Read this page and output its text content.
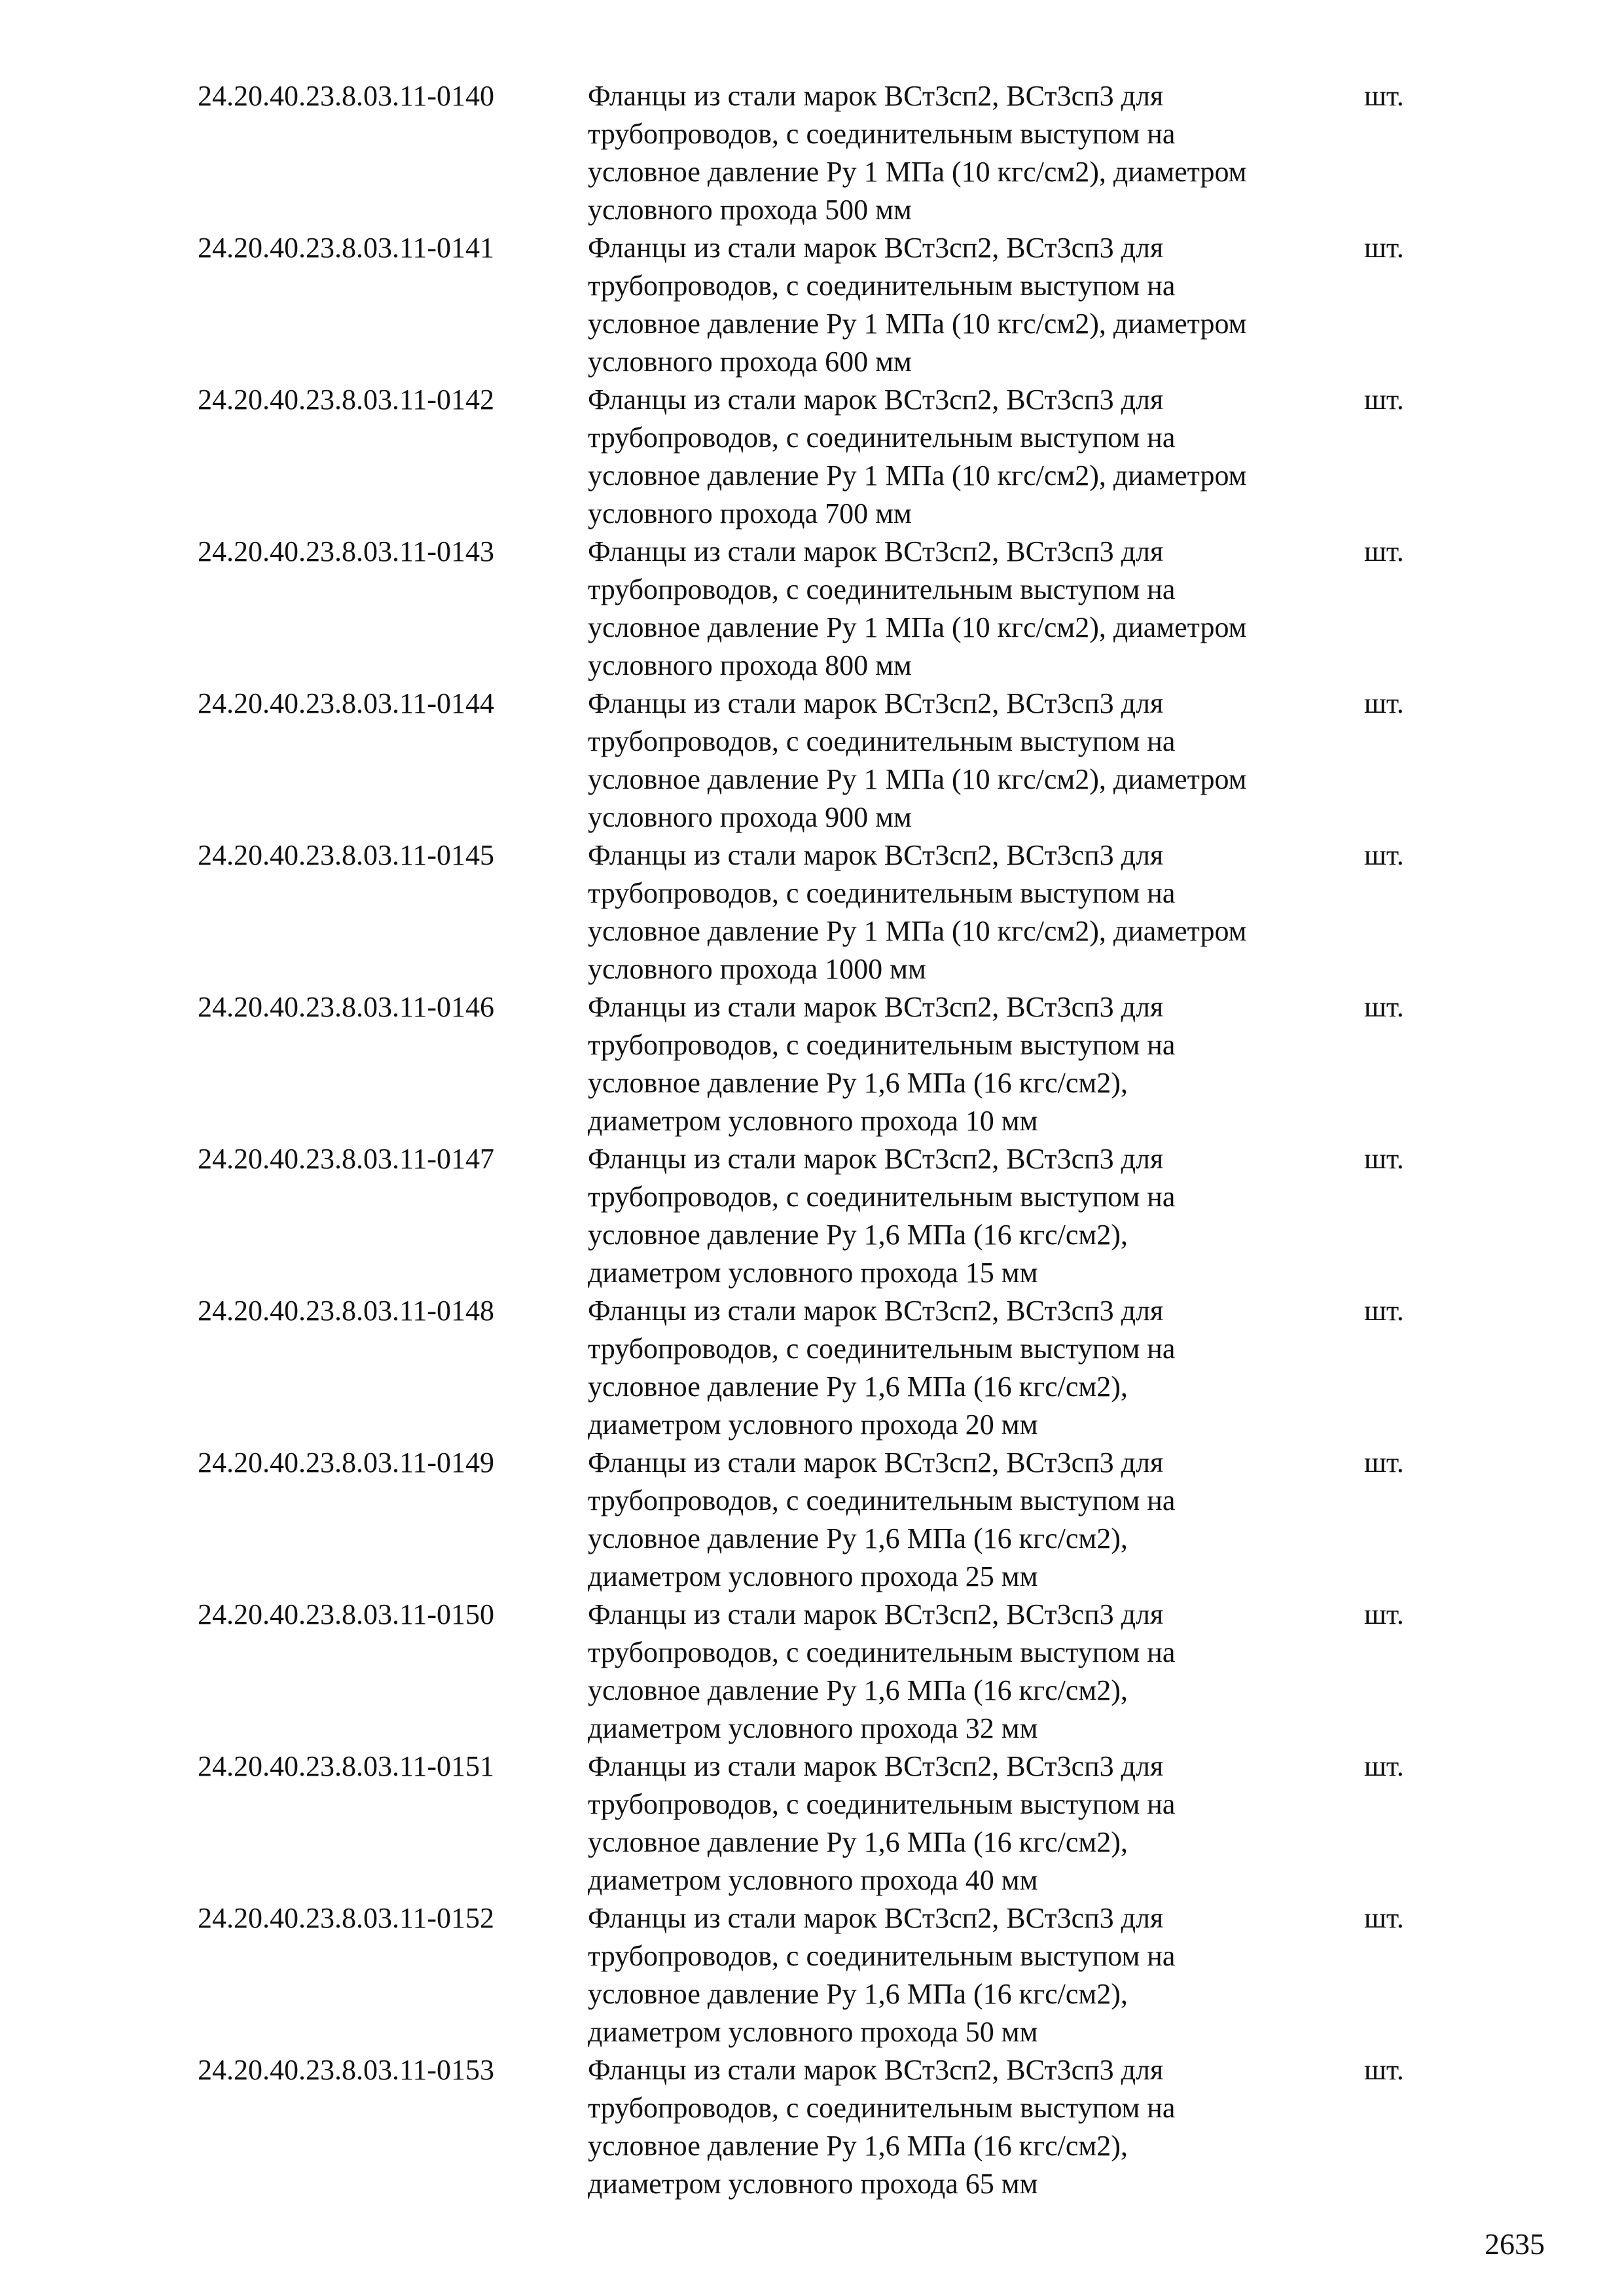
24.20.40.23.8.03.11-0140	Фланцы из стали марок ВСт3сп2, ВСт3сп3 для
трубопроводов, с соединительным выступом на
условное давление Ру 1 МПа (10 кгс/см2), диаметром
условного прохода 500 мм
шт.
24.20.40.23.8.03.11-0141	Фланцы из стали марок ВСт3сп2, ВСт3сп3 для
трубопроводов, с соединительным выступом на
условное давление Ру 1 МПа (10 кгс/см2), диаметром
условного прохода 600 мм
шт.
24.20.40.23.8.03.11-0142	Фланцы из стали марок ВСт3сп2, ВСт3сп3 для
трубопроводов, с соединительным выступом на
условное давление Ру 1 МПа (10 кгс/см2), диаметром
условного прохода 700 мм
шт.
24.20.40.23.8.03.11-0143	Фланцы из стали марок ВСт3сп2, ВСт3сп3 для
трубопроводов, с соединительным выступом на
условное давление Ру 1 МПа (10 кгс/см2), диаметром
условного прохода 800 мм
шт.
24.20.40.23.8.03.11-0144	Фланцы из стали марок ВСт3сп2, ВСт3сп3 для
трубопроводов, с соединительным выступом на
условное давление Ру 1 МПа (10 кгс/см2), диаметром
условного прохода 900 мм
шт.
24.20.40.23.8.03.11-0145	Фланцы из стали марок ВСт3сп2, ВСт3сп3 для
трубопроводов, с соединительным выступом на
условное давление Ру 1 МПа (10 кгс/см2), диаметром
условного прохода 1000 мм
шт.
24.20.40.23.8.03.11-0146	Фланцы из стали марок ВСт3сп2, ВСт3сп3 для
трубопроводов, с соединительным выступом на
условное давление Ру 1,6 МПа (16 кгс/см2),
диаметром условного прохода 10 мм
шт.
24.20.40.23.8.03.11-0147	Фланцы из стали марок ВСт3сп2, ВСт3сп3 для
трубопроводов, с соединительным выступом на
условное давление Ру 1,6 МПа (16 кгс/см2),
диаметром условного прохода 15 мм
шт.
24.20.40.23.8.03.11-0148	Фланцы из стали марок ВСт3сп2, ВСт3сп3 для
трубопроводов, с соединительным выступом на
условное давление Ру 1,6 МПа (16 кгс/см2),
диаметром условного прохода 20 мм
шт.
24.20.40.23.8.03.11-0149	Фланцы из стали марок ВСт3сп2, ВСт3сп3 для
трубопроводов, с соединительным выступом на
условное давление Ру 1,6 МПа (16 кгс/см2),
диаметром условного прохода 25 мм
шт.
24.20.40.23.8.03.11-0150	Фланцы из стали марок ВСт3сп2, ВСт3сп3 для
трубопроводов, с соединительным выступом на
условное давление Ру 1,6 МПа (16 кгс/см2),
диаметром условного прохода 32 мм
шт.
24.20.40.23.8.03.11-0151	Фланцы из стали марок ВСт3сп2, ВСт3сп3 для
трубопроводов, с соединительным выступом на
условное давление Ру 1,6 МПа (16 кгс/см2),
диаметром условного прохода 40 мм
шт.
24.20.40.23.8.03.11-0152	Фланцы из стали марок ВСт3сп2, ВСт3сп3 для
трубопроводов, с соединительным выступом на
условное давление Ру 1,6 МПа (16 кгс/см2),
диаметром условного прохода 50 мм
шт.
24.20.40.23.8.03.11-0153	Фланцы из стали марок ВСт3сп2, ВСт3сп3 для
трубопроводов, с соединительным выступом на
условное давление Ру 1,6 МПа (16 кгс/см2),
диаметром условного прохода 65 мм
шт.
2635
